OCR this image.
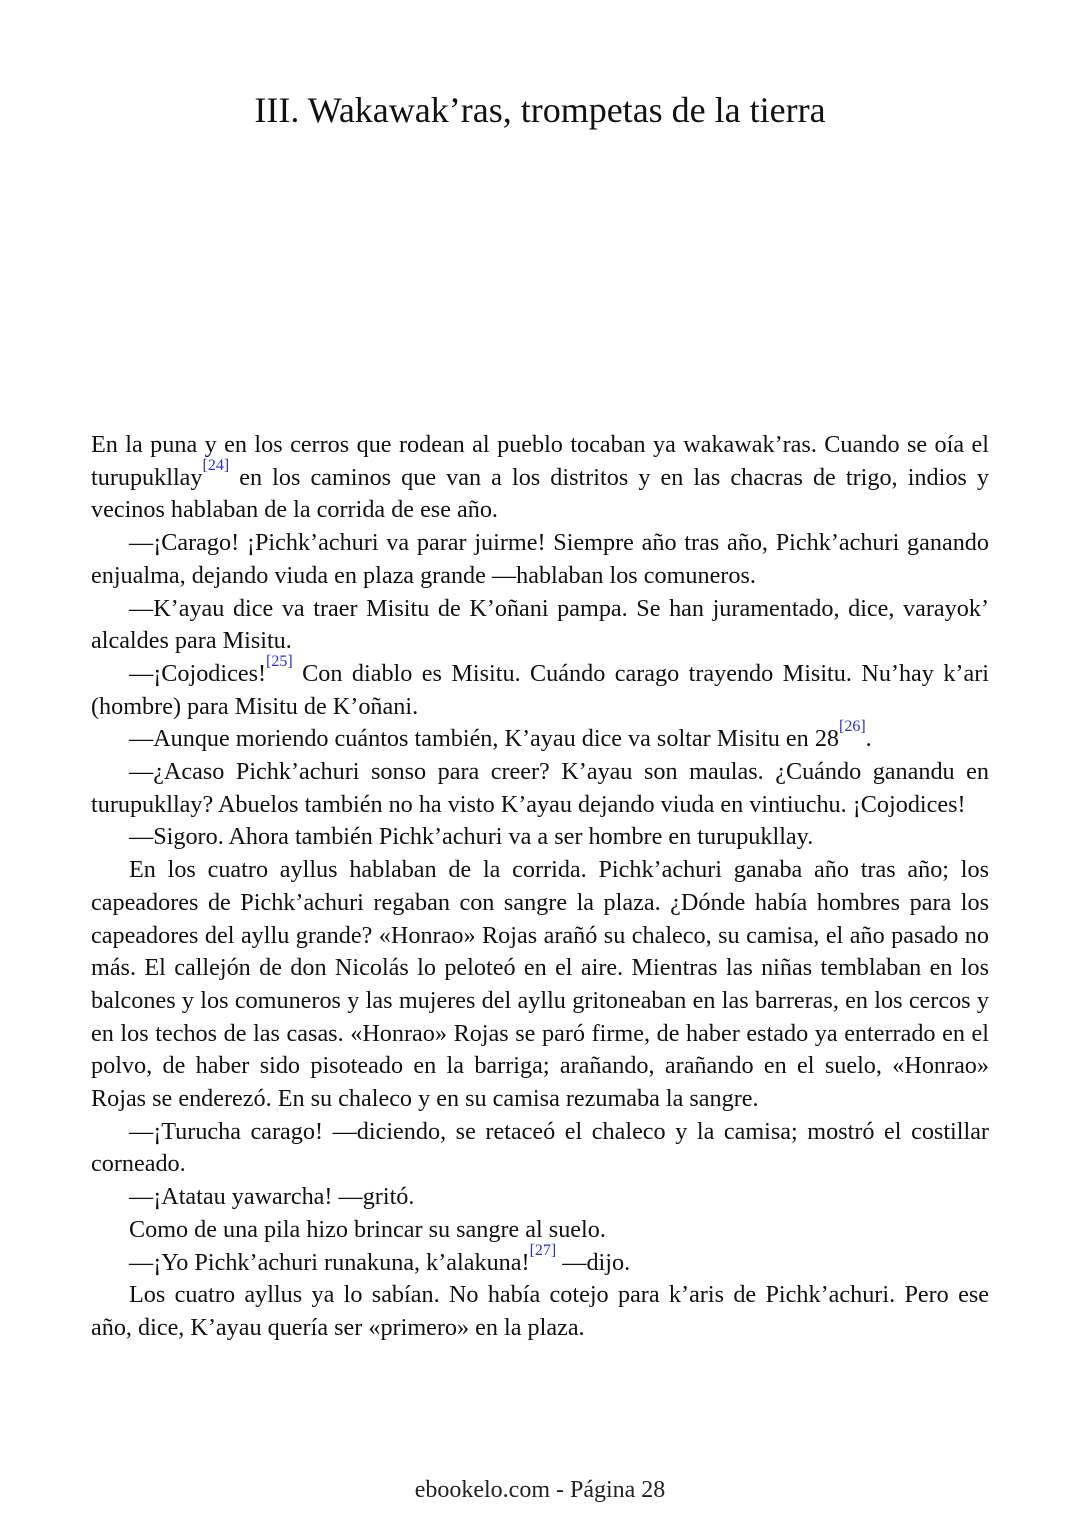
III. Wakawak’ras, trompetas de la tierra

En la puna y en los cerros que rodean al pueblo tocaban ya wakawak’ras. Cuando se oía el turupukllay[24] en los caminos que van a los distritos y en las chacras de trigo, indios y vecinos hablaban de la corrida de ese año.

—¡Carago! ¡Pichk’achuri va parar juirme! Siempre año tras año, Pichk’achuri ganando enjualma, dejando viuda en plaza grande —hablaban los comuneros.

—K’ayau dice va traer Misitu de K’oñani pampa. Se han juramentado, dice, varayok’ alcaldes para Misitu.

—¡Cojodices![25] Con diablo es Misitu. Cuándo carago trayendo Misitu. Nu’hay k’ari (hombre) para Misitu de K’oñani.

—Aunque moriendo cuántos también, K’ayau dice va soltar Misitu en 28[26].

—¿Acaso Pichk’achuri sonso para creer? K’ayau son maulas. ¿Cuándo ganandu en turupukllay? Abuelos también no ha visto K’ayau dejando viuda en vintiuchu. ¡Cojodices!

—Sigoro. Ahora también Pichk’achuri va a ser hombre en turupukllay.

En los cuatro ayllus hablaban de la corrida. Pichk’achuri ganaba año tras año; los capeadores de Pichk’achuri regaban con sangre la plaza. ¿Dónde había hombres para los capeadores del ayllu grande? «Honrao» Rojas arañó su chaleco, su camisa, el año pasado no más. El callejón de don Nicolás lo peloteó en el aire. Mientras las niñas temblaban en los balcones y los comuneros y las mujeres del ayllu gritoneaban en las barreras, en los cercos y en los techos de las casas. «Honrao» Rojas se paró firme, de haber estado ya enterrado en el polvo, de haber sido pisoteado en la barriga; arañando, arañando en el suelo, «Honrao» Rojas se enderezó. En su chaleco y en su camisa rezumaba la sangre.

—¡Turucha carago! —diciendo, se retaceó el chaleco y la camisa; mostró el costillar corneado.

—¡Atatau yawarcha! —gritó.

Como de una pila hizo brincar su sangre al suelo.

—¡Yo Pichk’achuri runakuna, k’alakuna![27] —dijo.

Los cuatro ayllus ya lo sabían. No había cotejo para k’aris de Pichk’achuri. Pero ese año, dice, K’ayau quería ser «primero» en la plaza.

ebookelo.com - Página 28
